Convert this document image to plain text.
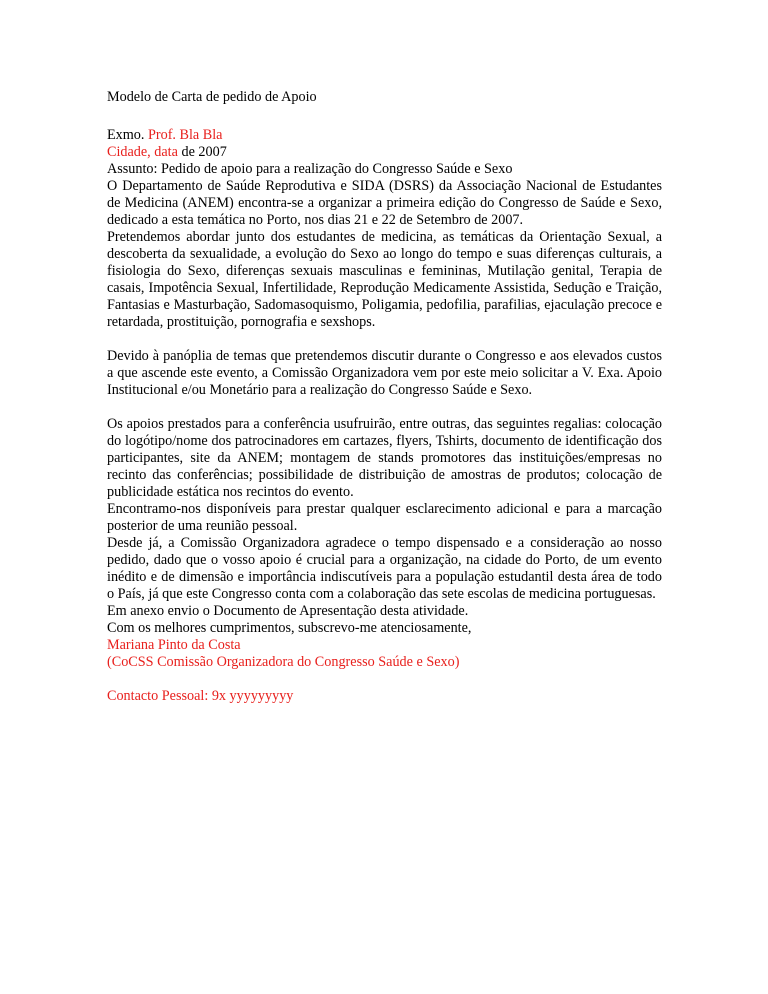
Modelo de Carta de pedido de Apoio

Exmo. Prof. Bla Bla

Cidade, data de 2007

Assunto: Pedido de apoio para a realização do Congresso Saúde e Sexo

O Departamento de Saúde Reprodutiva e SIDA (DSRS) da Associação Nacional de Estudantes de Medicina (ANEM) encontra-se a organizar a primeira edição do Congresso de Saúde e Sexo, dedicado a esta temática no Porto, nos dias 21 e 22 de Setembro de 2007.

Pretendemos abordar junto dos estudantes de medicina, as temáticas da Orientação Sexual, a descoberta da sexualidade, a evolução do Sexo ao longo do tempo e suas diferenças culturais, a fisiologia do Sexo, diferenças sexuais masculinas e femininas, Mutilação genital, Terapia de casais, Impotência Sexual, Infertilidade, Reprodução Medicamente Assistida, Sedução e Traição, Fantasias e Masturbação, Sadomasoquismo, Poligamia, pedofilia, parafilias, ejaculação precoce e retardada, prostituição, pornografia e sexshops.

Devido à panóplia de temas que pretendemos discutir durante o Congresso e aos elevados custos a que ascende este evento, a Comissão Organizadora vem por este meio solicitar a V. Exa. Apoio Institucional e/ou Monetário para a realização do Congresso Saúde e Sexo.

Os apoios prestados para a conferência usufruirão, entre outras, das seguintes regalias: colocação do logótipo/nome dos patrocinadores em cartazes, flyers, Tshirts, documento de identificação dos participantes, site da ANEM; montagem de stands promotores das instituições/empresas no recinto das conferências; possibilidade de distribuição de amostras de produtos; colocação de publicidade estática nos recintos do evento.

Encontramo-nos disponíveis para prestar qualquer esclarecimento adicional e para a marcação posterior de uma reunião pessoal.

Desde já, a Comissão Organizadora agradece o tempo dispensado e a consideração ao nosso pedido, dado que o vosso apoio é crucial para a organização, na cidade do Porto, de um evento inédito e de dimensão e importância indiscutíveis para a população estudantil desta área de todo o País, já que este Congresso conta com a colaboração das sete escolas de medicina portuguesas.

Em anexo envio o Documento de Apresentação desta atividade.

Com os melhores cumprimentos, subscrevo-me atenciosamente,

Mariana Pinto da Costa

(CoCSS Comissão Organizadora do Congresso Saúde e Sexo)

Contacto Pessoal: 9x yyyyyyyyy
